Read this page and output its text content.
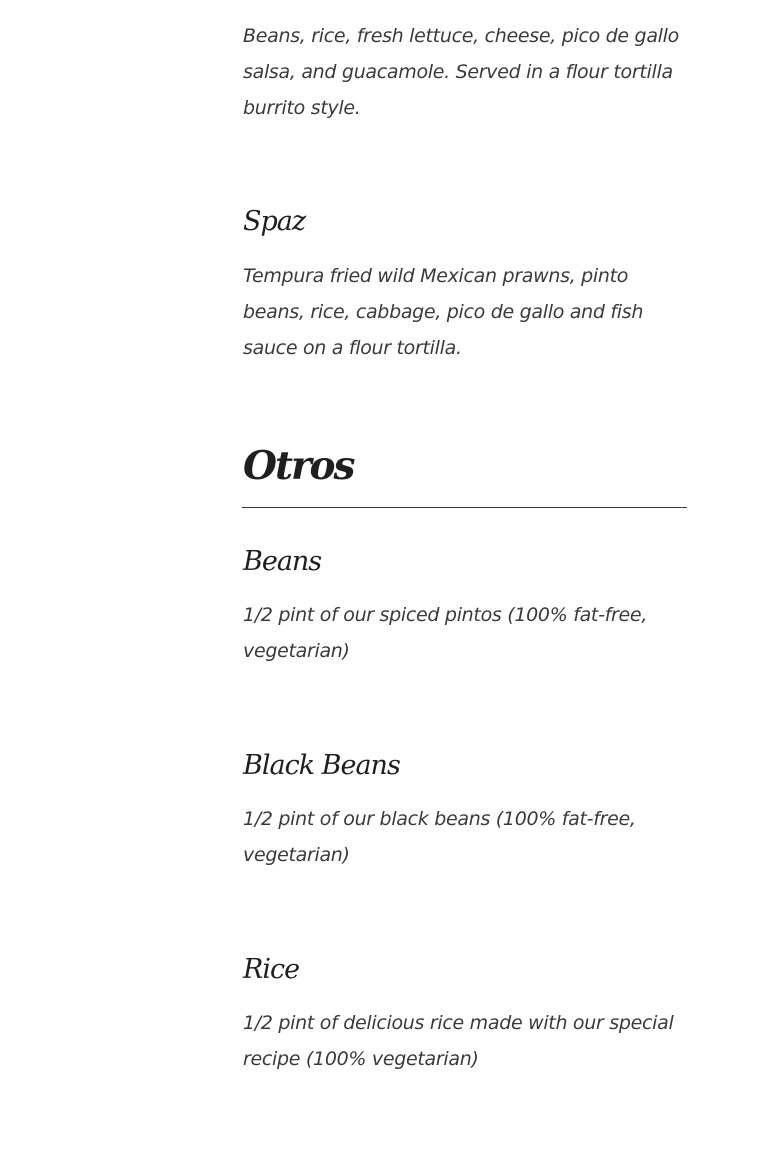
Beans, rice, fresh lettuce, cheese, pico de gallo salsa, and guacamole. Served in a flour tortilla burrito style.

Spaz

Tempura fried wild Mexican prawns, pinto beans, rice, cabbage, pico de gallo and fish sauce on a flour tortilla.

Otros
Beans

1/2 pint of our spiced pintos (100% fat-free, vegetarian)

Black Beans

1/2 pint of our black beans (100% fat-free, vegetarian)

Rice

1/2 pint of delicious rice made with our special recipe (100% vegetarian)
